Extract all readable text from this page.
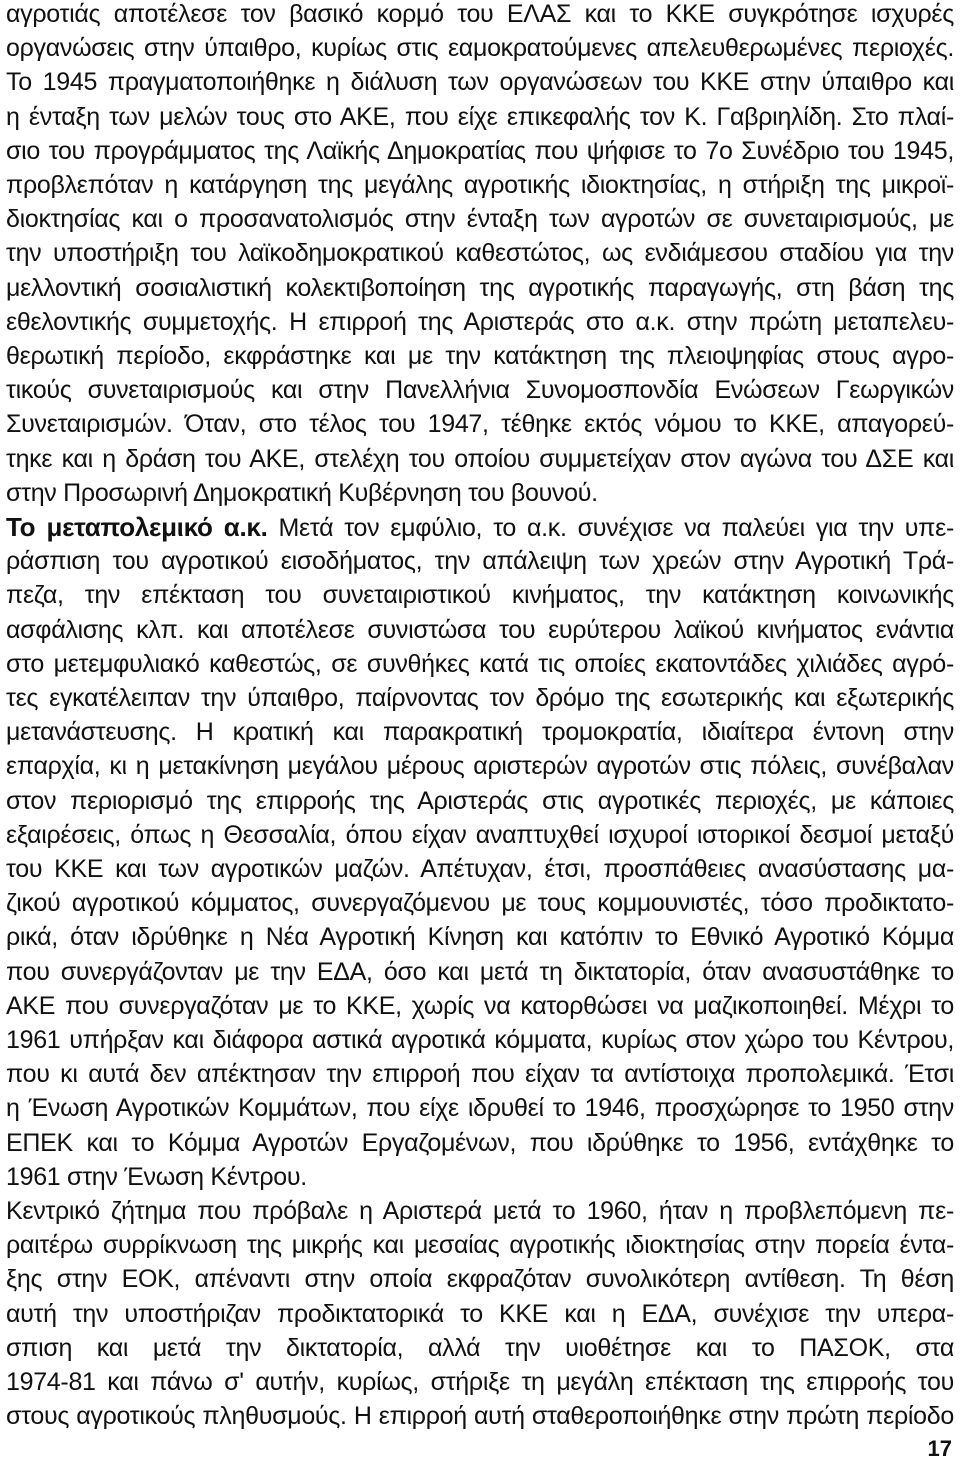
αγροτιάς αποτέλεσε τον βασικό κορμό του ΕΛΑΣ και το ΚΚΕ συγκρότησε ισχυρές
οργανώσεις στην ύπαιθρο, κυρίως στις εαμοκρατούμενες απελευθερωμένες περιοχές.
Το 1945 πραγματοποιήθηκε η διάλυση των οργανώσεων του ΚΚΕ στην ύπαιθρο και
η ένταξη των μελών τους στο ΑΚΕ, που είχε επικεφαλής τον Κ. Γαβριηλίδη. Στο πλαί-
σιο του προγράμματος της Λαϊκής Δημοκρατίας που ψήφισε το 7ο Συνέδριο του 1945,
προβλεπόταν η κατάργηση της μεγάλης αγροτικής ιδιοκτησίας, η στήριξη της μικροϊ-
διοκτησίας και ο προσανατολισμός στην ένταξη των αγροτών σε συνεταιρισμούς, με
την υποστήριξη του λαϊκοδημοκρατικού καθεστώτος, ως ενδιάμεσου σταδίου για την
μελλοντική σοσιαλιστική κολεκτιβοποίηση της αγροτικής παραγωγής, στη βάση της
εθελοντικής συμμετοχής. Η επιρροή της Αριστεράς στο α.κ. στην πρώτη μεταπελευ-
θερωτική περίοδο, εκφράστηκε και με την κατάκτηση της πλειοψηφίας στους αγρο-
τικούς συνεταιρισμούς και στην Πανελλήνια Συνομοσπονδία Ενώσεων Γεωργικών
Συνεταιρισμών. Όταν, στο τέλος του 1947, τέθηκε εκτός νόμου το ΚΚΕ, απαγορεύ-
τηκε και η δράση του ΑΚΕ, στελέχη του οποίου συμμετείχαν στον αγώνα του ΔΣΕ και
στην Προσωρινή Δημοκρατική Κυβέρνηση του βουνού.
Το μεταπολεμικό α.κ. Μετά τον εμφύλιο, το α.κ. συνέχισε να παλεύει για την υπε-
ράσπιση του αγροτικού εισοδήματος, την απάλειψη των χρεών στην Αγροτική Τρά-
πεζα, την επέκταση του συνεταιριστικού κινήματος, την κατάκτηση κοινωνικής
ασφάλισης κλπ. και αποτέλεσε συνιστώσα του ευρύτερου λαϊκού κινήματος ενάντια
στο μετεμφυλιακό καθεστώς, σε συνθήκες κατά τις οποίες εκατοντάδες χιλιάδες αγρό-
τες εγκατέλειπαν την ύπαιθρο, παίρνοντας τον δρόμο της εσωτερικής και εξωτερικής
μετανάστευσης. Η κρατική και παρακρατική τρομοκρατία, ιδιαίτερα έντονη στην
επαρχία, κι η μετακίνηση μεγάλου μέρους αριστερών αγροτών στις πόλεις, συνέβαλαν
στον περιορισμό της επιρροής της Αριστεράς στις αγροτικές περιοχές, με κάποιες
εξαιρέσεις, όπως η Θεσσαλία, όπου είχαν αναπτυχθεί ισχυροί ιστορικοί δεσμοί μεταξύ
του ΚΚΕ και των αγροτικών μαζών. Απέτυχαν, έτσι, προσπάθειες ανασύστασης μα-
ζικού αγροτικού κόμματος, συνεργαζόμενου με τους κομμουνιστές, τόσο προδικτατο-
ρικά, όταν ιδρύθηκε η Νέα Αγροτική Κίνηση και κατόπιν το Εθνικό Αγροτικό Κόμμα
που συνεργάζονταν με την ΕΔΑ, όσο και μετά τη δικτατορία, όταν ανασυστάθηκε το
ΑΚΕ που συνεργαζόταν με το ΚΚΕ, χωρίς να κατορθώσει να μαζικοποιηθεί. Μέχρι το
1961 υπήρξαν και διάφορα αστικά αγροτικά κόμματα, κυρίως στον χώρο του Κέντρου,
που κι αυτά δεν απέκτησαν την επιρροή που είχαν τα αντίστοιχα προπολεμικά. Έτσι
η Ένωση Αγροτικών Κομμάτων, που είχε ιδρυθεί το 1946, προσχώρησε το 1950 στην
ΕΠΕΚ και το Κόμμα Αγροτών Εργαζομένων, που ιδρύθηκε το 1956, εντάχθηκε το
1961 στην Ένωση Κέντρου.
Κεντρικό ζήτημα που πρόβαλε η Αριστερά μετά το 1960, ήταν η προβλεπόμενη πε-
ραιτέρω συρρίκνωση της μικρής και μεσαίας αγροτικής ιδιοκτησίας στην πορεία έντα-
ξης στην ΕΟΚ, απέναντι στην οποία εκφραζόταν συνολικότερη αντίθεση. Τη θέση
αυτή την υποστήριζαν προδικτατορικά το ΚΚΕ και η ΕΔΑ, συνέχισε την υπερα-
σπιση και μετά την δικτατορία, αλλά την υιοθέτησε και το ΠΑΣΟΚ, στα
1974-81 και πάνω σ' αυτήν, κυρίως, στήριξε τη μεγάλη επέκταση της επιρροής του
στους αγροτικούς πληθυσμούς. Η επιρροή αυτή σταθεροποιήθηκε στην πρώτη περίοδο
17
